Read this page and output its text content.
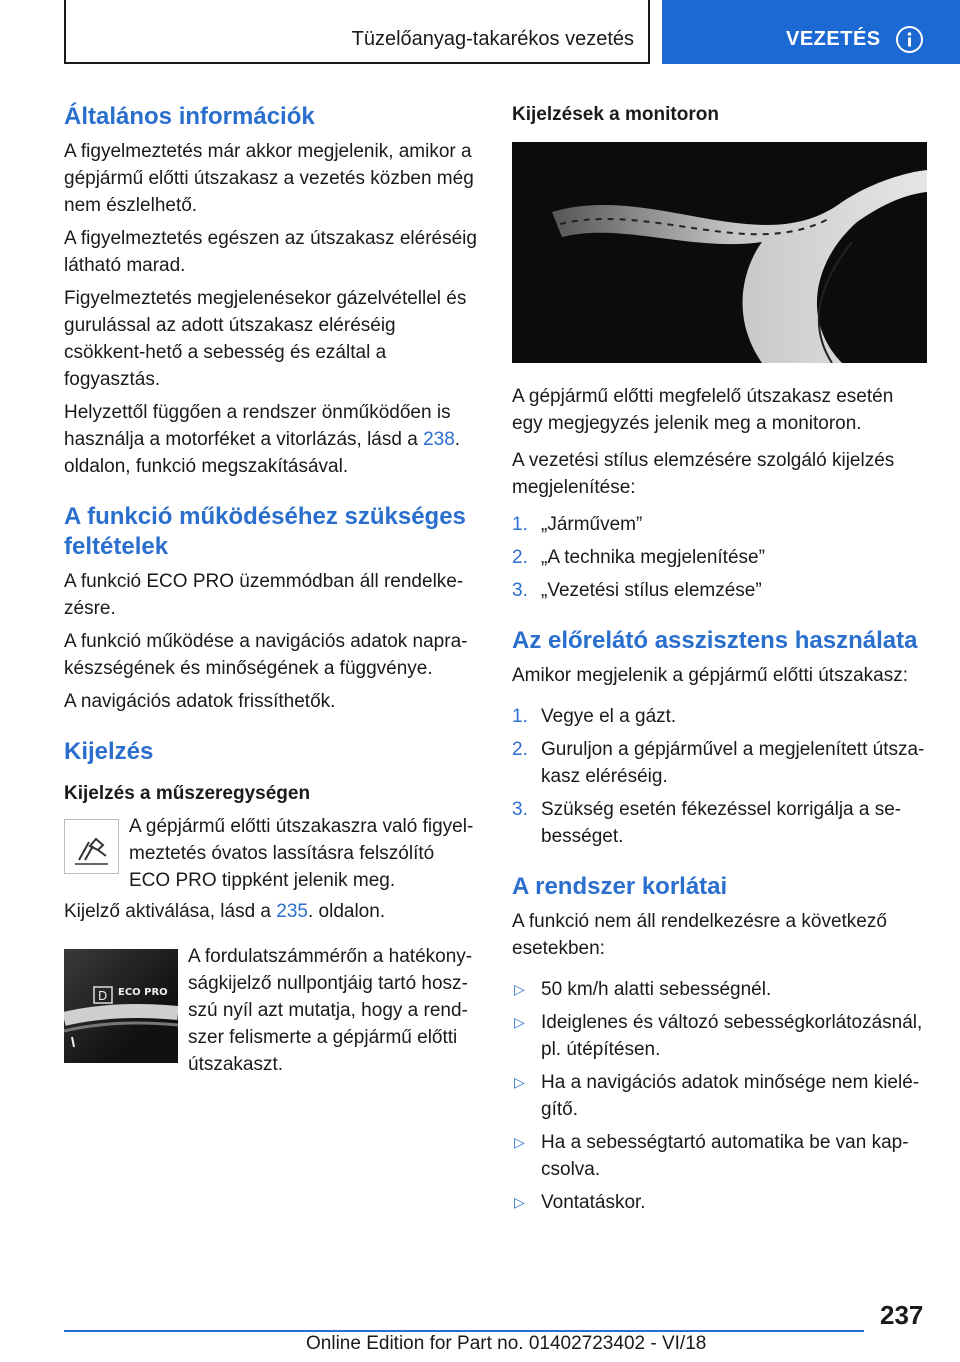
Tüzelőanyag-takarékos vezetés	VEZETÉS
Általános információk

A figyelmeztetés már akkor megjelenik, amikor a gépjármű előtti útszakasz a vezetés közben még nem észlelhető.

A figyelmeztetés egészen az útszakasz eléréséig látható marad.

Figyelmeztetés megjelenésekor gázelvétellel és gurulással az adott útszakasz eléréséig csökkent-hető a sebesség és ezáltal a fogyasztás.

Helyzettől függően a rendszer önműködően is használja a motorféket a vitorlázás, lásd a 238. oldalon, funkció megszakításával.

A funkció működéséhez szükséges feltételek

A funkció ECO PRO üzemmódban áll rendelke-zésre.

A funkció működése a navigációs adatok napra-készségének és minőségének a függvénye.

A navigációs adatok frissíthetők.

Kijelzés
Kijelzés a műszeregységen

A gépjármű előtti útszakaszra való figyel-meztetés óvatos lassításra felszólító ECO PRO tippként jelenik meg.

Kijelző aktiválása, lásd a 235. oldalon.

D ECO PRO

A fordulatszámmérőn a hatékony-ságkijelző nullpontjáig tartó hosz-szú nyíl azt mutatja, hogy a rend-szer felismerte a gépjármű előtti útszakaszt.

Kijelzések a monitoron

A gépjármű előtti megfelelő útszakasz esetén egy megjegyzés jelenik meg a monitoron.

A vezetési stílus elemzésére szolgáló kijelzés megjelenítése:

1. „Járművem”
2. „A technika megjelenítése”
3. „Vezetési stílus elemzése”
Az előrelátó asszisztens használata

Amikor megjelenik a gépjármű előtti útszakasz:

1. Vegye el a gázt.
2. Guruljon a gépjárművel a megjelenített útsza-kasz eléréséig.
3. Szükség esetén fékezéssel korrigálja a se-bességet.
A rendszer korlátai

A funkció nem áll rendelkezésre a következő esetekben:

▷ 50 km/h alatti sebességnél.
▷ Ideiglenes és változó sebességkorlátozásnál, pl. útépítésen.
▷ Ha a navigációs adatok minősége nem kielé-gítő.
▷ Ha a sebességtartó automatika be van kap-csolva.
▷ Vontatáskor.
237
Online Edition for Part no. 01402723402 - VI/18
